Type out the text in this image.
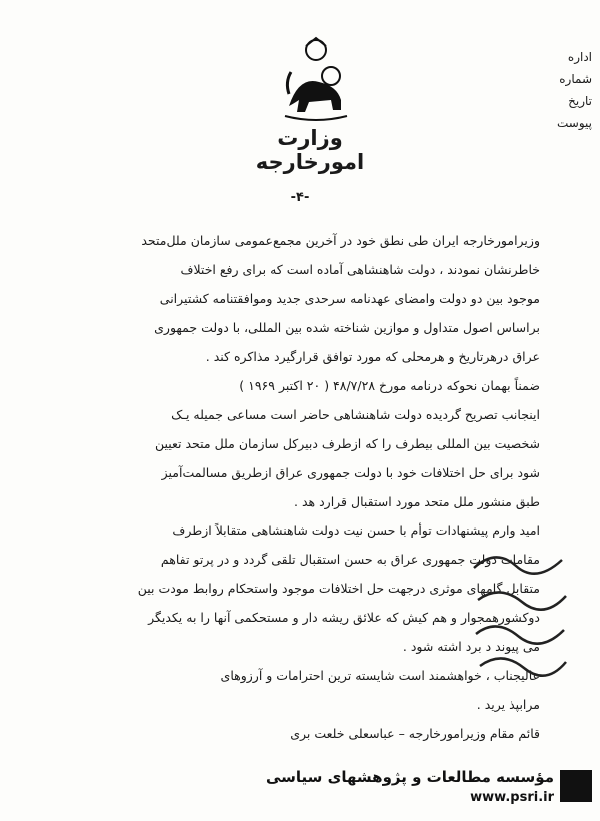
وزارت امورخارجه
اداره
شماره
تاریخ
پیوست
-۴-
وزیرامورخارجه ایران طی نطق خود در آخرین مجمع‌عمومی سازمان ملل‌متحد
خاطرنشان نمودند ، دولت شاهنشاهی آماده است که برای رفع اختلاف
موجود بین دو دولت وامضای عهدنامه سرحدی جدید وموافقتنامه کشتیرانی
براساس اصول متداول و موازین شناخته شده بین المللی، با دولت جمهوری
عراق درهرتاریخ و هرمحلی که مورد توافق قرارگیرد مذاکره کند .
ضمناً بهمان نحوکه درنامه مورخ ۴۸/۷/۲۸ ( ۲۰ اکتبر ۱۹۶۹ )
اینجانب تصریح گردیده دولت شاهنشاهی حاضر است مساعی جمیله یـک
شخصیت بین المللی بیطرف را که ازطرف دبیرکل سازمان ملل متحد تعیین
شود برای حل اختلافات خود با دولت جمهوری عراق ازطریق مسالمت‌آمیز
طبق منشور ملل متحد مورد استقبال قرارد هد .
امید وارم پیشنهادات توأم با حسن نیت دولت شاهنشاهی متقابلاً ازطرف
مقامات دولت جمهوری عراق به حسن استقبال تلقی گردد و در پرتو تفاهم
متقابل گامهای موثری درجهت حل اختلافات موجود واستحکام روابط مودت بین
دوکشورهمجوار و هم کیش که علائق ریشه دار و مستحکمی آنها را به یکدیگر
می پیوند د برد اشته شود .
عالیجناب ، خواهشمند است شایسته ترین احترامات و آرزوهای
مرابپذ یرید .
قائم مقام وزیرامورخارجه – عباسعلی خلعت بری
مؤسسه مطالعات و پژوهشهای سیاسی
www.psri.ir
